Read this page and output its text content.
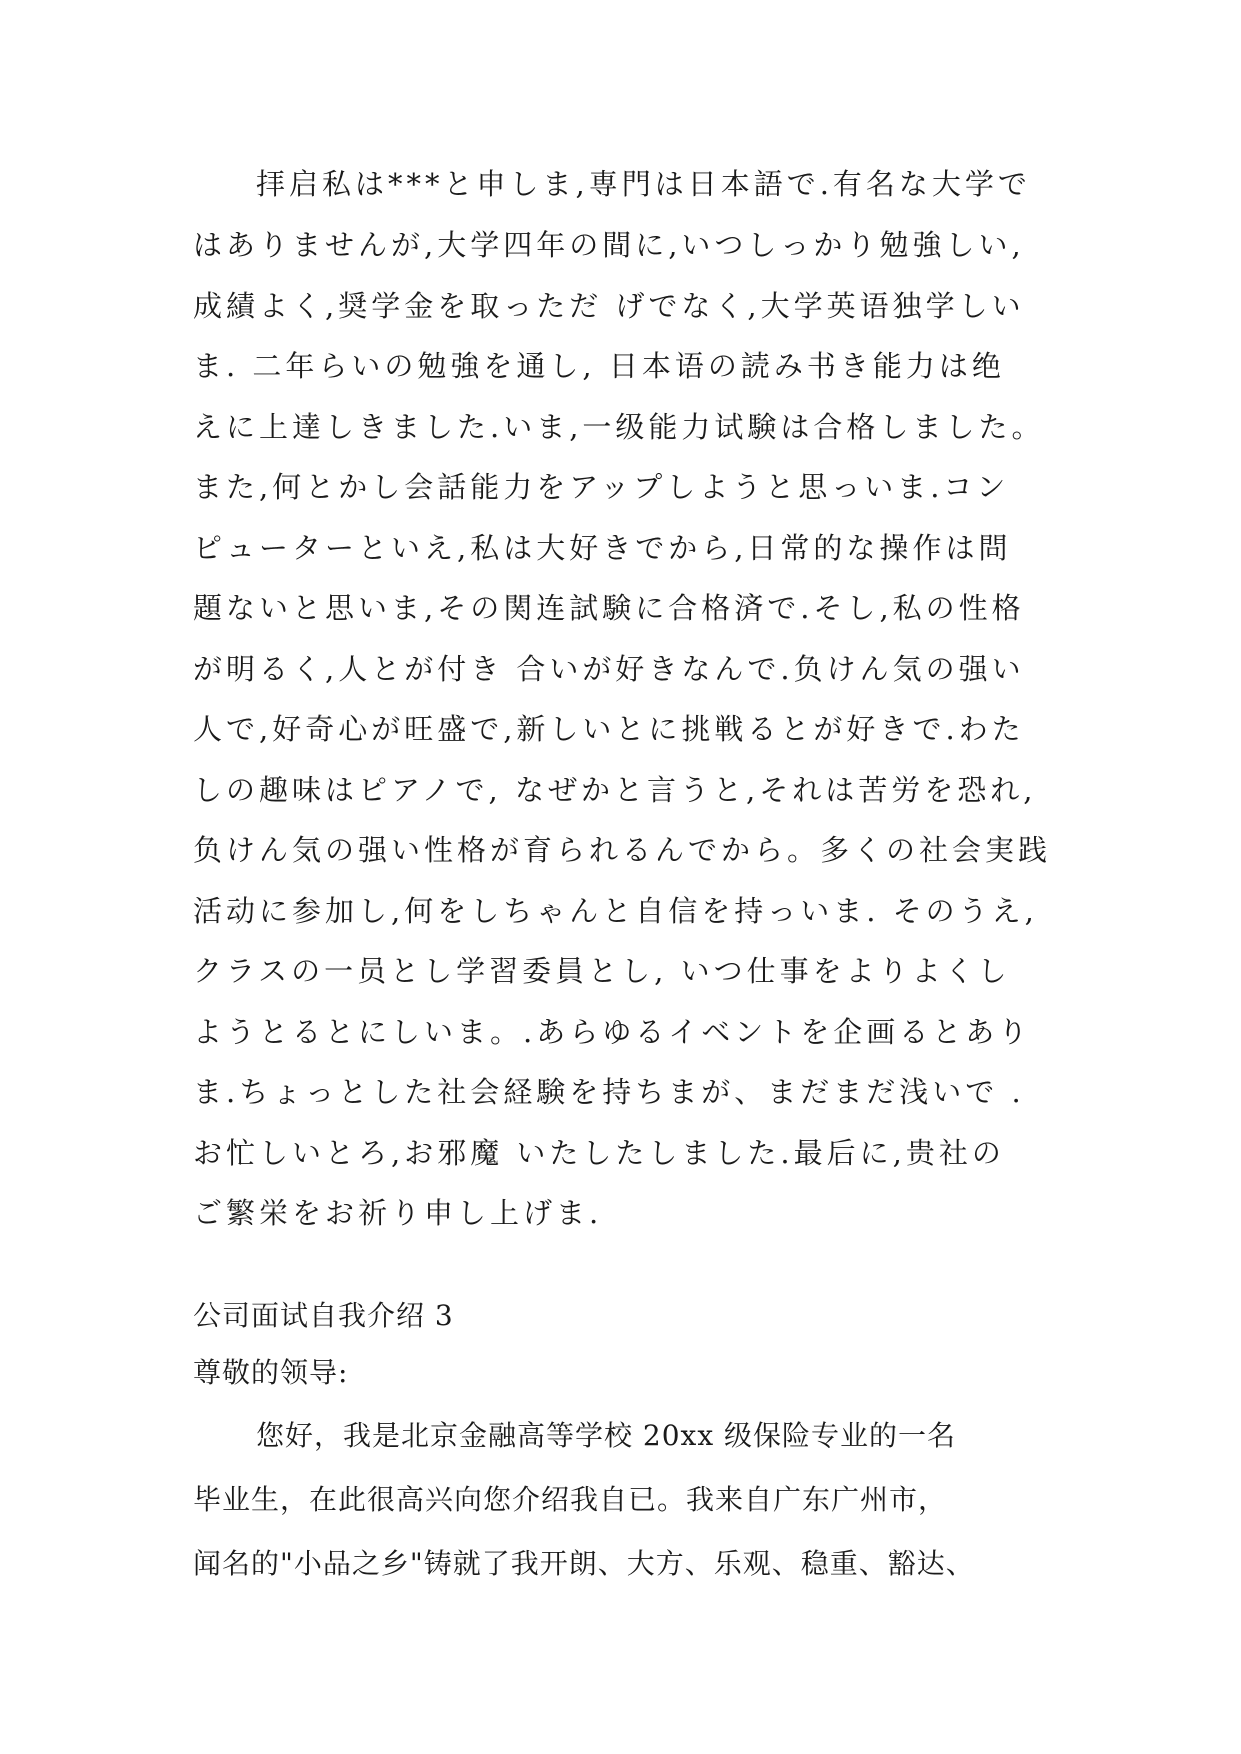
拝启私は***と申しま,専門は日本語で.有名な大学で
はありませんが,大学四年の間に,いつしっかり勉強しい,
成績よく,奨学金を取っただ げでなく,大学英语独学しい
ま. 二年らいの勉強を通し, 日本语の読み书き能力は绝
えに上達しきました.いま,一级能力试験は合格しました。
また,何とかし会話能力をアップしようと思っいま.コン
ピューターといえ,私は大好きでから,日常的な操作は問
題ないと思いま,その関连試験に合格済で.そし,私の性格
が明るく,人とが付き 合いが好きなんで.负けん気の强い
人で,好奇心が旺盛で,新しいとに挑戦るとが好きで.わた
しの趣味はピアノで, なぜかと言うと,それは苦労を恐れ,
负けん気の强い性格が育られるんでから。多くの社会実践
活动に参加し,何をしちゃんと自信を持っいま. そのうえ,
クラスの一员とし学習委員とし, いつ仕事をよりよくし
ようとるとにしいま。.あらゆるイベントを企画るとあり
ま.ちょっとした社会経験を持ちまが、まだまだ浅いで .
お忙しいとろ,お邪魔 いたしたしました.最后に,贵社の
ご繁栄をお祈り申し上げま.
公司面试自我介绍 3
尊敬的领导:
您好，我是北京金融高等学校 20xx 级保险专业的一名
毕业生，在此很高兴向您介绍我自已。我来自广东广州市，
闻名的"小品之乡"铸就了我开朗、大方、乐观、稳重、豁达、
